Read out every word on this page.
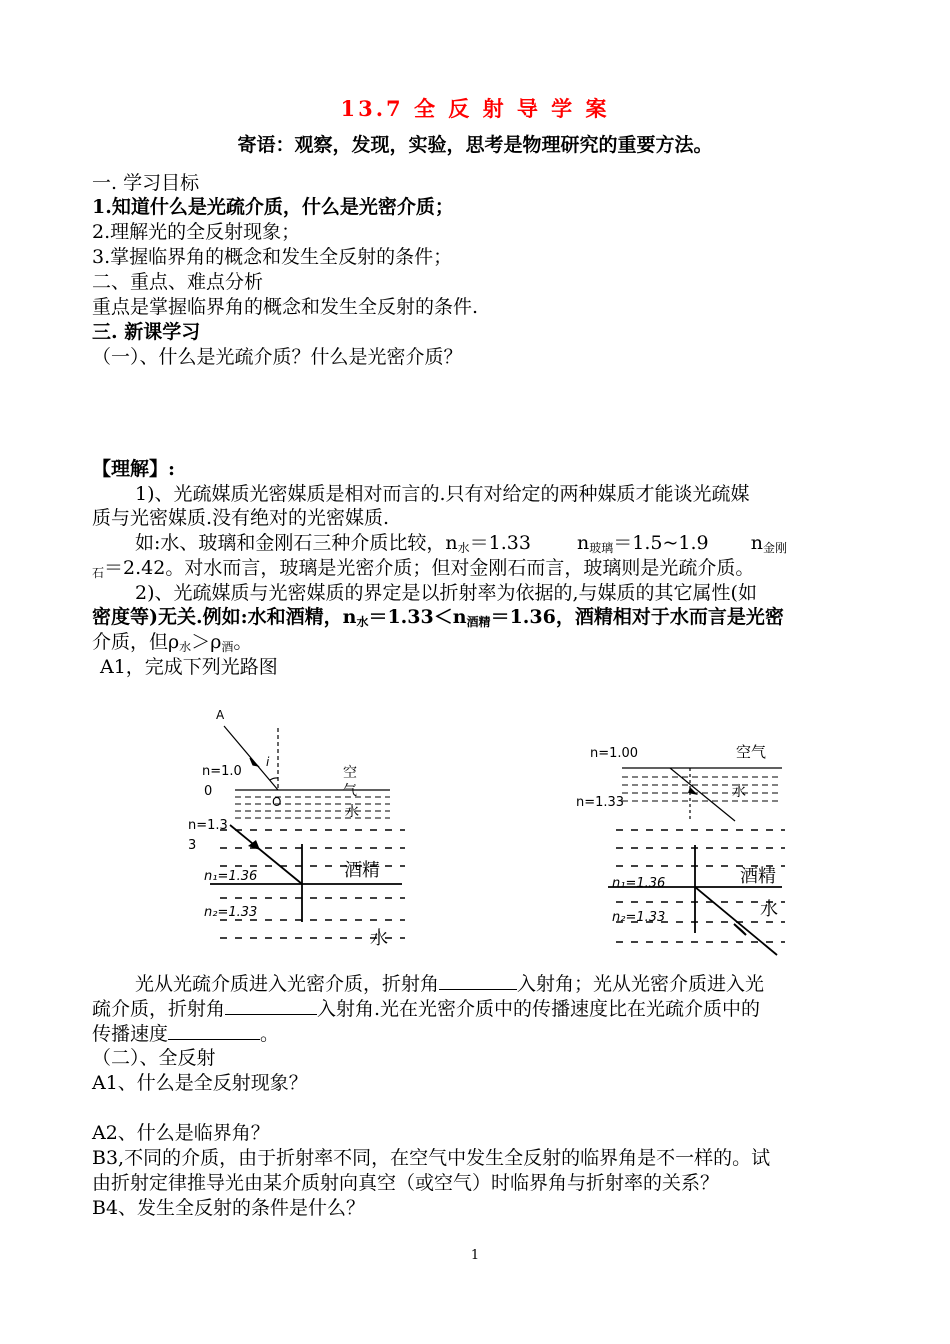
13.7 全 反 射 导 学 案
寄语：观察，发现，实验，思考是物理研究的重要方法。
一. 学习目标
1.知道什么是光疏介质，什么是光密介质；
2.理解光的全反射现象；
3.掌握临界角的概念和发生全反射的条件；
二、重点、难点分析
重点是掌握临界角的概念和发生全反射的条件.
三. 新课学习
（一）、什么是光疏介质？什么是光密介质？
【理解】:
1)、光疏媒质光密媒质是相对而言的.只有对给定的两种媒质才能谈光疏媒
质与光密媒质.没有绝对的光密媒质.
如:水、玻璃和金刚石三种介质比较，$n_水=1.33$ $n_{玻璃}=1.5\sim 1.9$ $n_{金刚}$
$_石$＝2.42。对水而言，玻璃是光密介质；但对金刚石而言，玻璃则是光疏介质。
2)、光疏媒质与光密媒质的界定是以折射率为依据的,与媒质的其它属性(如
密度等)无关.例如:水和酒精，$n_水=1.33<n_{酒精}=1.36$，酒精相对于水而言是光密
介质，但$\rho_水>\rho_酒$。
A1，完成下列光路图
A
i
O
n=1.0
0
空
气
水
n=1.3
3
酒精
n₁=1.36
n₂=1.33
水
n=1.00	空气
n=1.33
水
酒精
n₁=1.36
n₂=1.33	水
光从光疏介质进入光密介质，折射角	入射角；光从光密介质进入光
疏介质，折射角	入射角.光在光密介质中的传播速度比在光疏介质中的
传播速度	。
（二）、全反射
A1、什么是全反射现象？
A2、什么是临界角？
B3,不同的介质，由于折射率不同，在空气中发生全反射的临界角是不一样的。试
由折射定律推导光由某介质射向真空（或空气）时临界角与折射率的关系？
B4、发生全反射的条件是什么？
1
